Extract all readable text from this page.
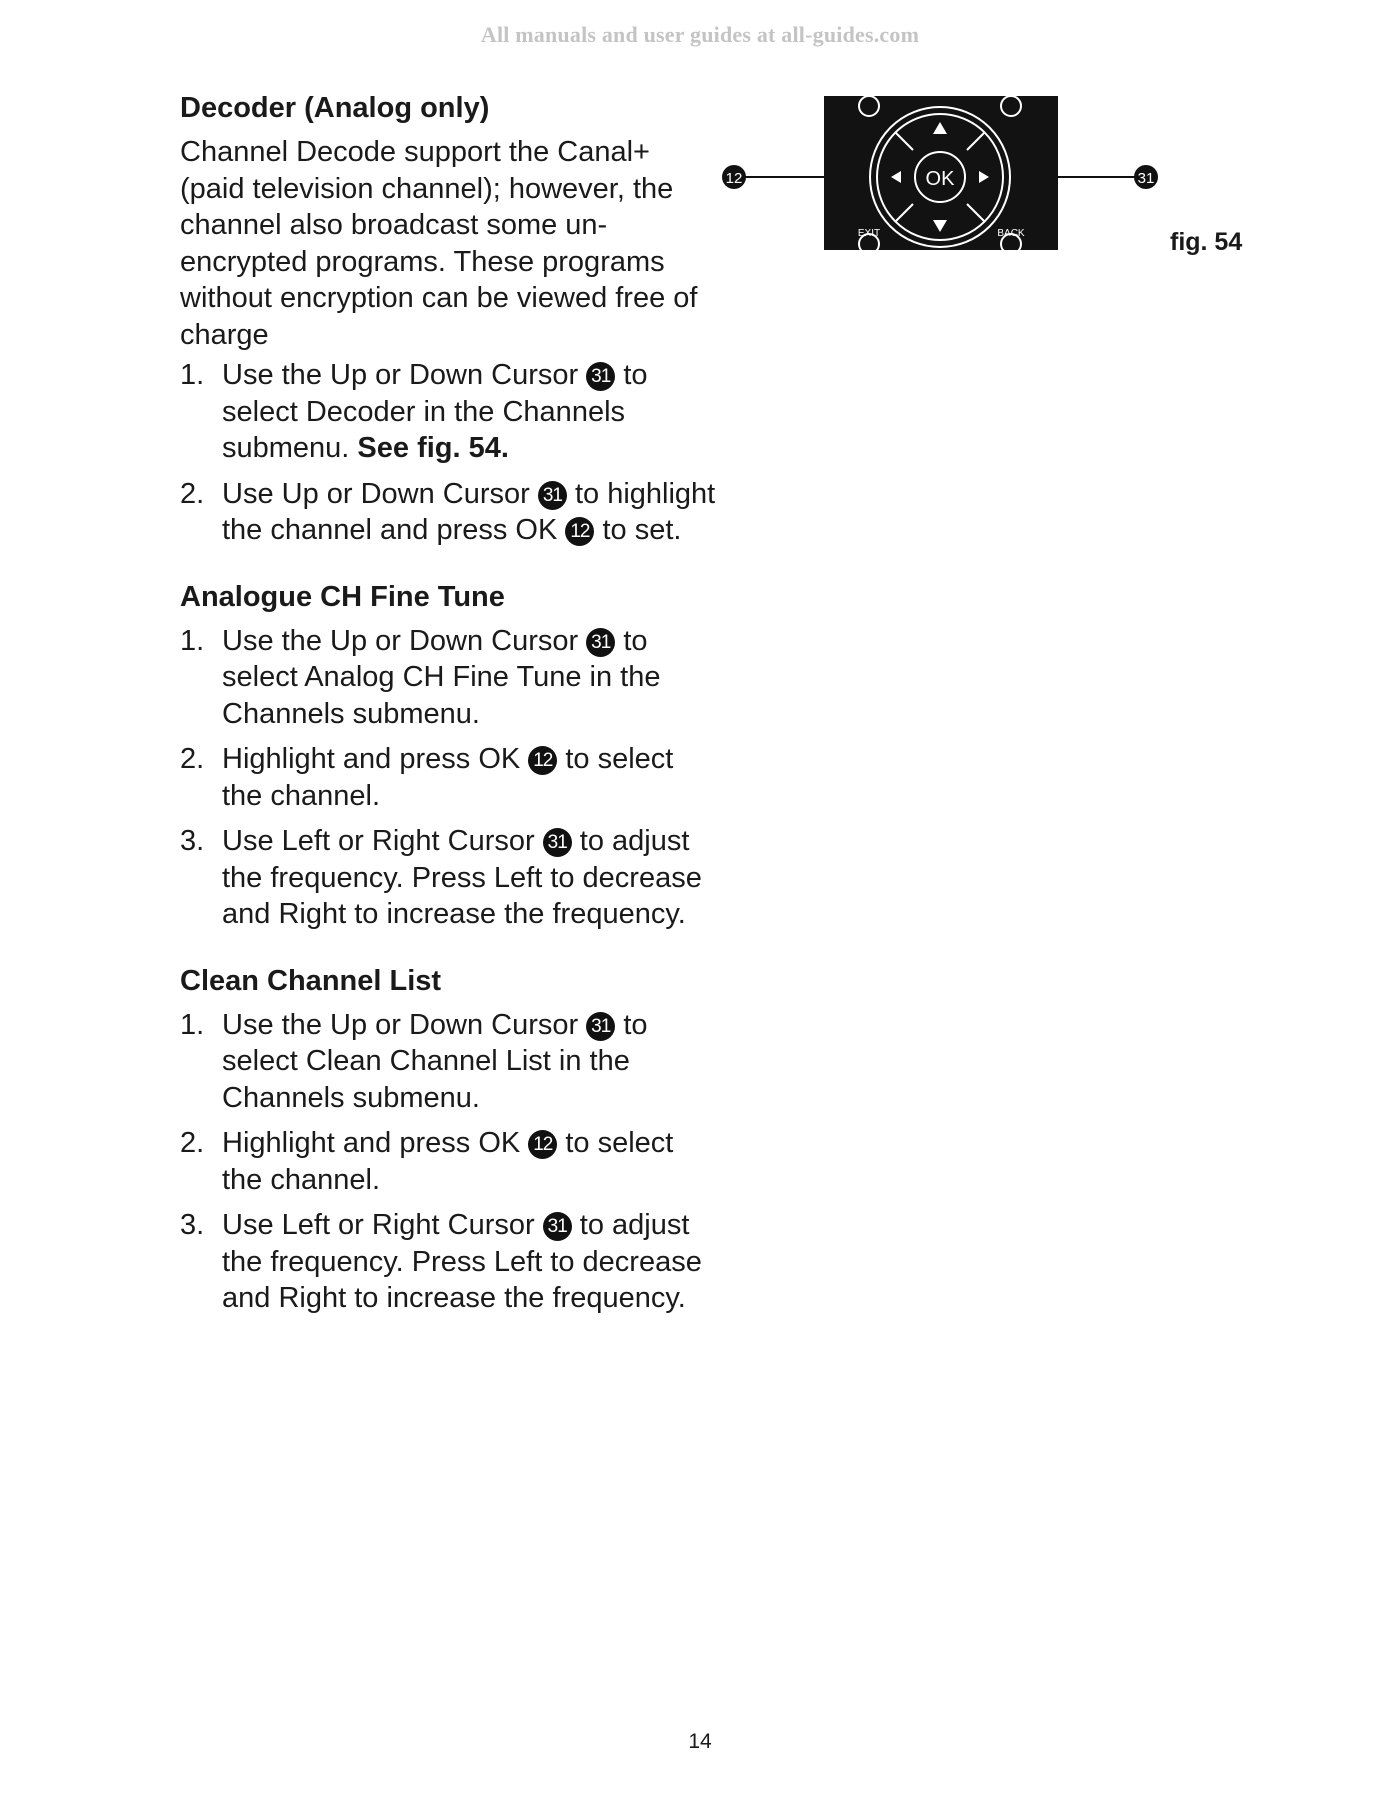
All manuals and user guides at all-guides.com
Decoder (Analog only)

Channel Decode support the Canal+ (paid television channel); however, the channel also broadcast some un-encrypted programs. These programs without encryption can be viewed free of charge

1. Use the Up or Down Cursor 31 to select Decoder in the Channels submenu. See fig. 54.
2. Use Up or Down Cursor 31 to highlight the channel and press OK 12 to set.
Analogue CH Fine Tune
1. Use the Up or Down Cursor 31 to select Analog CH Fine Tune in the Channels submenu.
2. Highlight and press OK 12 to select the channel.
3. Use Left or Right Cursor 31 to adjust the frequency. Press Left to decrease and Right to increase the frequency.
Clean Channel List
1. Use the Up or Down Cursor 31 to select Clean Channel List in the Channels submenu.
2. Highlight and press OK 12 to select the channel.
3. Use Left or Right Cursor 31 to adjust the frequency. Press Left to decrease and Right to increase the frequency.
OK
EXIT	BACK
12	31
fig. 54
14
